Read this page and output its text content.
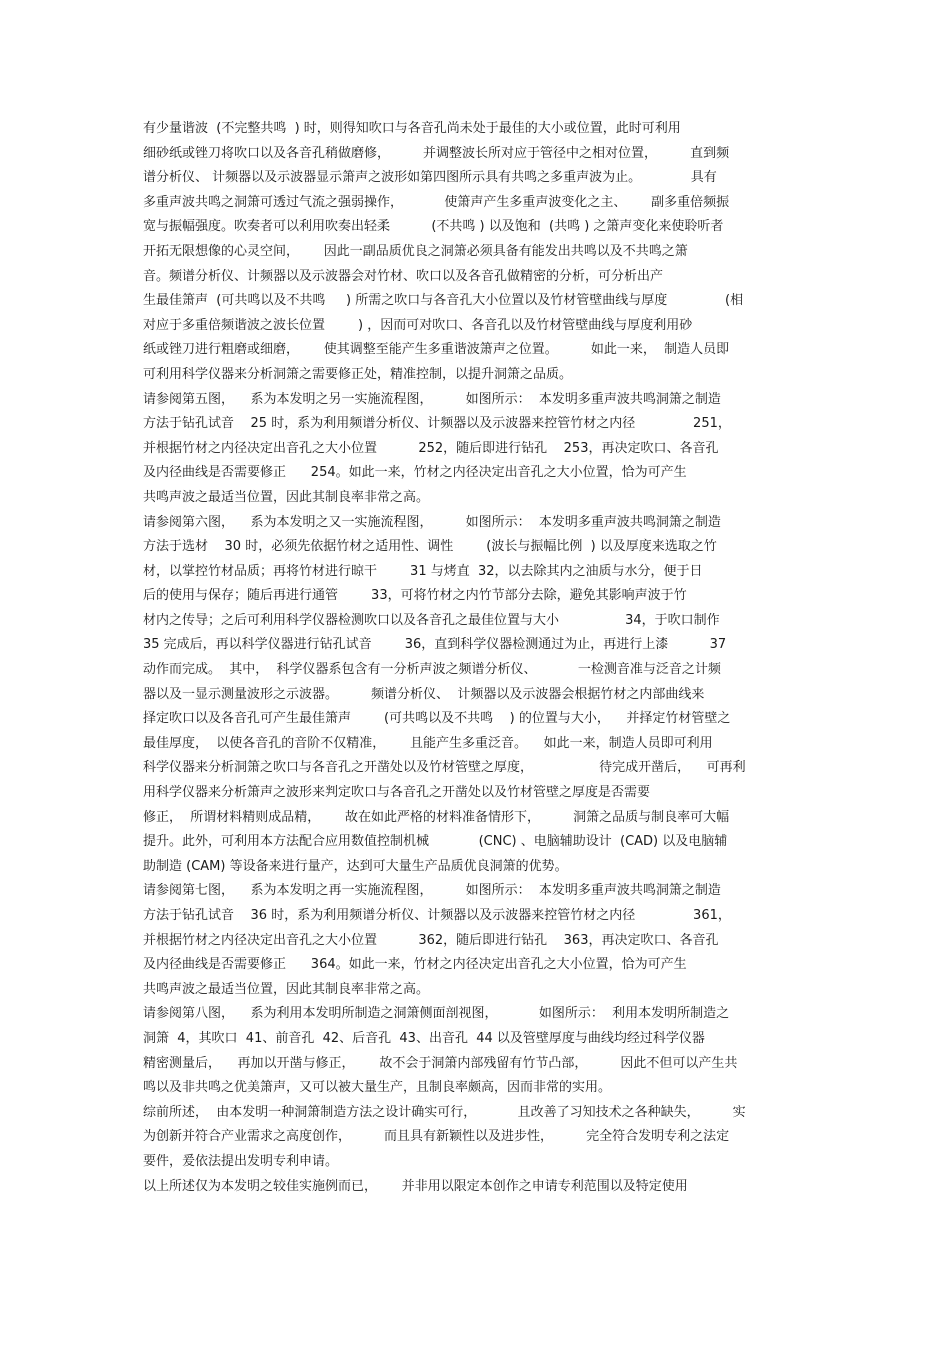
有少量谐波  (不完整共鸣  ) 时，则得知吹口与各音孔尚未处于最佳的大小或位置，此时可利用
细砂纸或锉刀将吹口以及各音孔稍做磨修，        并调整波长所对应于管径中之相对位置，        直到频
谱分析仪、 计频器以及示波器显示箫声之波形如第四图所示具有共鸣之多重声波为止。            具有
多重声波共鸣之洞箫可透过气流之强弱操作，          使箫声产生多重声波变化之主、      副多重倍频振
宽与振幅强度。吹奏者可以利用吹奏出轻柔          (不共鸣 ) 以及饱和  (共鸣 ) 之箫声变化来使聆听者
开拓无限想像的心灵空间，      因此一副品质优良之洞箫必须具备有能发出共鸣以及不共鸣之箫
音。频谱分析仪、计频器以及示波器会对竹材、吹口以及各音孔做精密的分析，可分析出产
生最佳箫声  (可共鸣以及不共鸣     ) 所需之吹口与各音孔大小位置以及竹材管壁曲线与厚度              (相
对应于多重倍频谐波之波长位置        ) ，因而可对吹口、各音孔以及竹材管壁曲线与厚度利用砂
纸或锉刀进行粗磨或细磨，      使其调整至能产生多重谐波箫声之位置。        如此一来，  制造人员即
可利用科学仪器来分析洞箫之需要修正处，精准控制，以提升洞箫之品质。
请参阅第五图，    系为本发明之另一实施流程图，        如图所示：  本发明多重声波共鸣洞箫之制造
方法于钻孔试音    25 时，系为利用频谱分析仪、计频器以及示波器来控管竹材之内径              251，
并根据竹材之内径决定出音孔之大小位置          252，随后即进行钻孔    253，再决定吹口、各音孔
及内径曲线是否需要修正      254。如此一来，竹材之内径决定出音孔之大小位置，恰为可产生
共鸣声波之最适当位置，因此其制良率非常之高。
请参阅第六图，    系为本发明之又一实施流程图，        如图所示：  本发明多重声波共鸣洞箫之制造
方法于选材    30 时，必须先依据竹材之适用性、调性        (波长与振幅比例  ) 以及厚度来选取之竹
材，以掌控竹材品质；再将竹材进行晾干        31 与烤直  32，以去除其内之油质与水分，便于日
后的使用与保存；随后再进行通管        33，可将竹材之内竹节部分去除，避免其影响声波于竹
材内之传导；之后可利用科学仪器检测吹口以及各音孔之最佳位置与大小                34，于吹口制作
35 完成后，再以科学仪器进行钻孔试音        36，直到科学仪器检测通过为止，再进行上漆          37
动作而完成。  其中，  科学仪器系包含有一分析声波之频谱分析仪、          一检测音准与泛音之计频
器以及一显示测量波形之示波器。        频谱分析仪、  计频器以及示波器会根据竹材之内部曲线来
择定吹口以及各音孔可产生最佳箫声        (可共鸣以及不共鸣    ) 的位置与大小，    并择定竹材管壁之
最佳厚度，  以使各音孔的音阶不仅精准，      且能产生多重泛音。    如此一来，制造人员即可利用
科学仪器来分析洞箫之吹口与各音孔之开凿处以及竹材管壁之厚度，                待完成开凿后，    可再利
用科学仪器来分析箫声之波形来判定吹口与各音孔之开凿处以及竹材管壁之厚度是否需要
修正，  所谓材料精则成品精，      故在如此严格的材料准备情形下，        洞箫之品质与制良率可大幅
提升。此外，可利用本方法配合应用数值控制机械            (CNC) 、电脑辅助设计  (CAD) 以及电脑辅
助制造 (CAM) 等设备来进行量产，达到可大量生产品质优良洞箫的优势。
请参阅第七图，    系为本发明之再一实施流程图，        如图所示：  本发明多重声波共鸣洞箫之制造
方法于钻孔试音    36 时，系为利用频谱分析仪、计频器以及示波器来控管竹材之内径              361，
并根据竹材之内径决定出音孔之大小位置          362，随后即进行钻孔    363，再决定吹口、各音孔
及内径曲线是否需要修正      364。如此一来，竹材之内径决定出音孔之大小位置，恰为可产生
共鸣声波之最适当位置，因此其制良率非常之高。
请参阅第八图，    系为利用本发明所制造之洞箫侧面剖视图，          如图所示：  利用本发明所制造之
洞箫  4，其吹口  41、前音孔  42、后音孔  43、出音孔  44 以及管壁厚度与曲线均经过科学仪器
精密测量后，    再加以开凿与修正，      故不会于洞箫内部残留有竹节凸部，        因此不但可以产生共
鸣以及非共鸣之优美箫声，又可以被大量生产，且制良率颇高，因而非常的实用。
综前所述，  由本发明一种洞箫制造方法之设计确实可行，          且改善了习知技术之各种缺失，        实
为创新并符合产业需求之高度创作，        而且具有新颖性以及进步性，        完全符合发明专利之法定
要件，爰依法提出发明专利申请。
以上所述仅为本发明之较佳实施例而已，      并非用以限定本创作之申请专利范围以及特定使用
